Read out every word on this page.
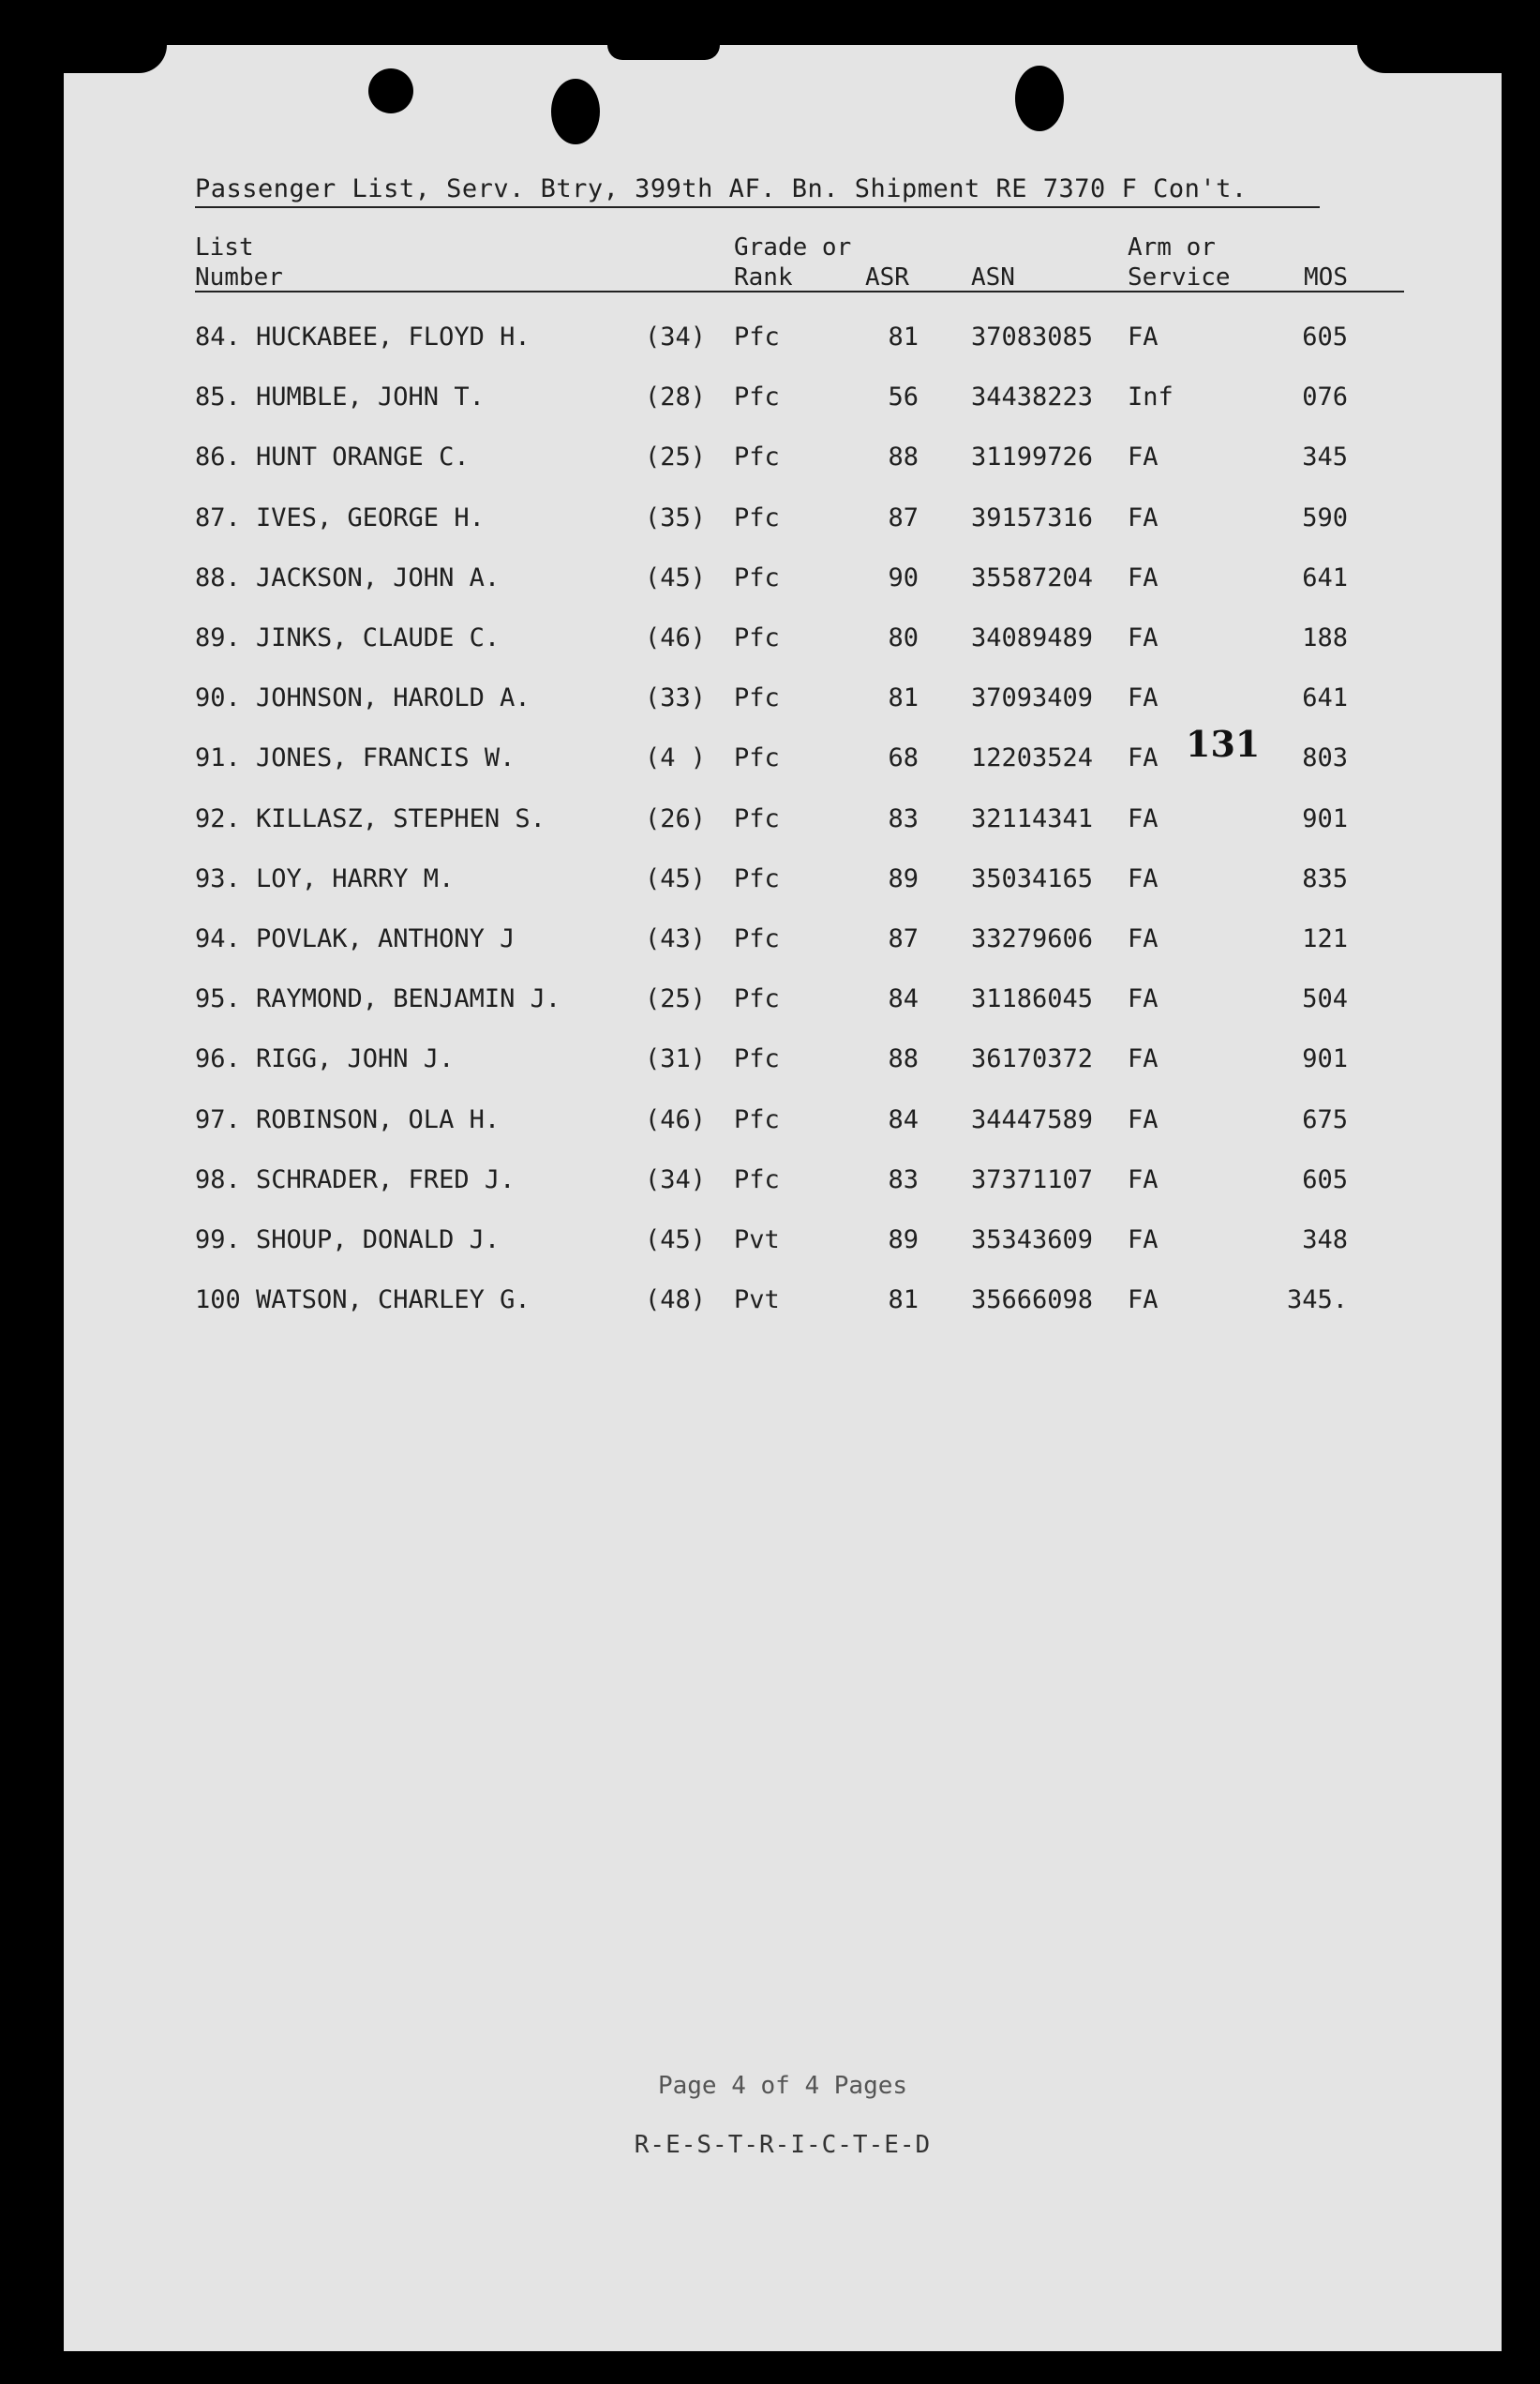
Passenger List, Serv. Btry, 399th AF. Bn. Shipment RE 7370 F Con't.
List
Number
Grade or
Rank	ASR	ASN
Arm or
Service	MOS
84. HUCKABEE, FLOYD H.	(34) Pfc	81 37083085 FA	605
85. HUMBLE, JOHN T.	(28) Pfc	56 34438223 Inf	076
86. HUNT ORANGE C.	(25) Pfc	88 31199726 FA	345
87. IVES, GEORGE H.	(35) Pfc	87 39157316 FA	590
88. JACKSON, JOHN A.	(45) Pfc	90 35587204 FA	641
89. JINKS, CLAUDE C.	(46) Pfc	80 34089489 FA	188
90. JOHNSON, HAROLD A.	(33) Pfc	81 37093409 FA	641
91. JONES, FRANCIS W.	(4 ) Pfc	68 12203524 FA	803
92. KILLASZ, STEPHEN S.	(26) Pfc	83 32114341 FA	901
93. LOY, HARRY M.	(45) Pfc	89 35034165 FA	835
94. POVLAK, ANTHONY J	(43) Pfc	87 33279606 FA	121
95. RAYMOND, BENJAMIN J.	(25) Pfc	84 31186045 FA	504
96. RIGG, JOHN J.	(31) Pfc	88 36170372 FA	901
97. ROBINSON, OLA H.	(46) Pfc	84 34447589 FA	675
98. SCHRADER, FRED J.	(34) Pfc	83 37371107 FA	605
99. SHOUP, DONALD J.	(45) Pvt	89 35343609 FA	348
100 WATSON, CHARLEY G.	(48) Pvt	81 35666098 FA	345.
131
Page 4 of 4 Pages
R-E-S-T-R-I-C-T-E-D
